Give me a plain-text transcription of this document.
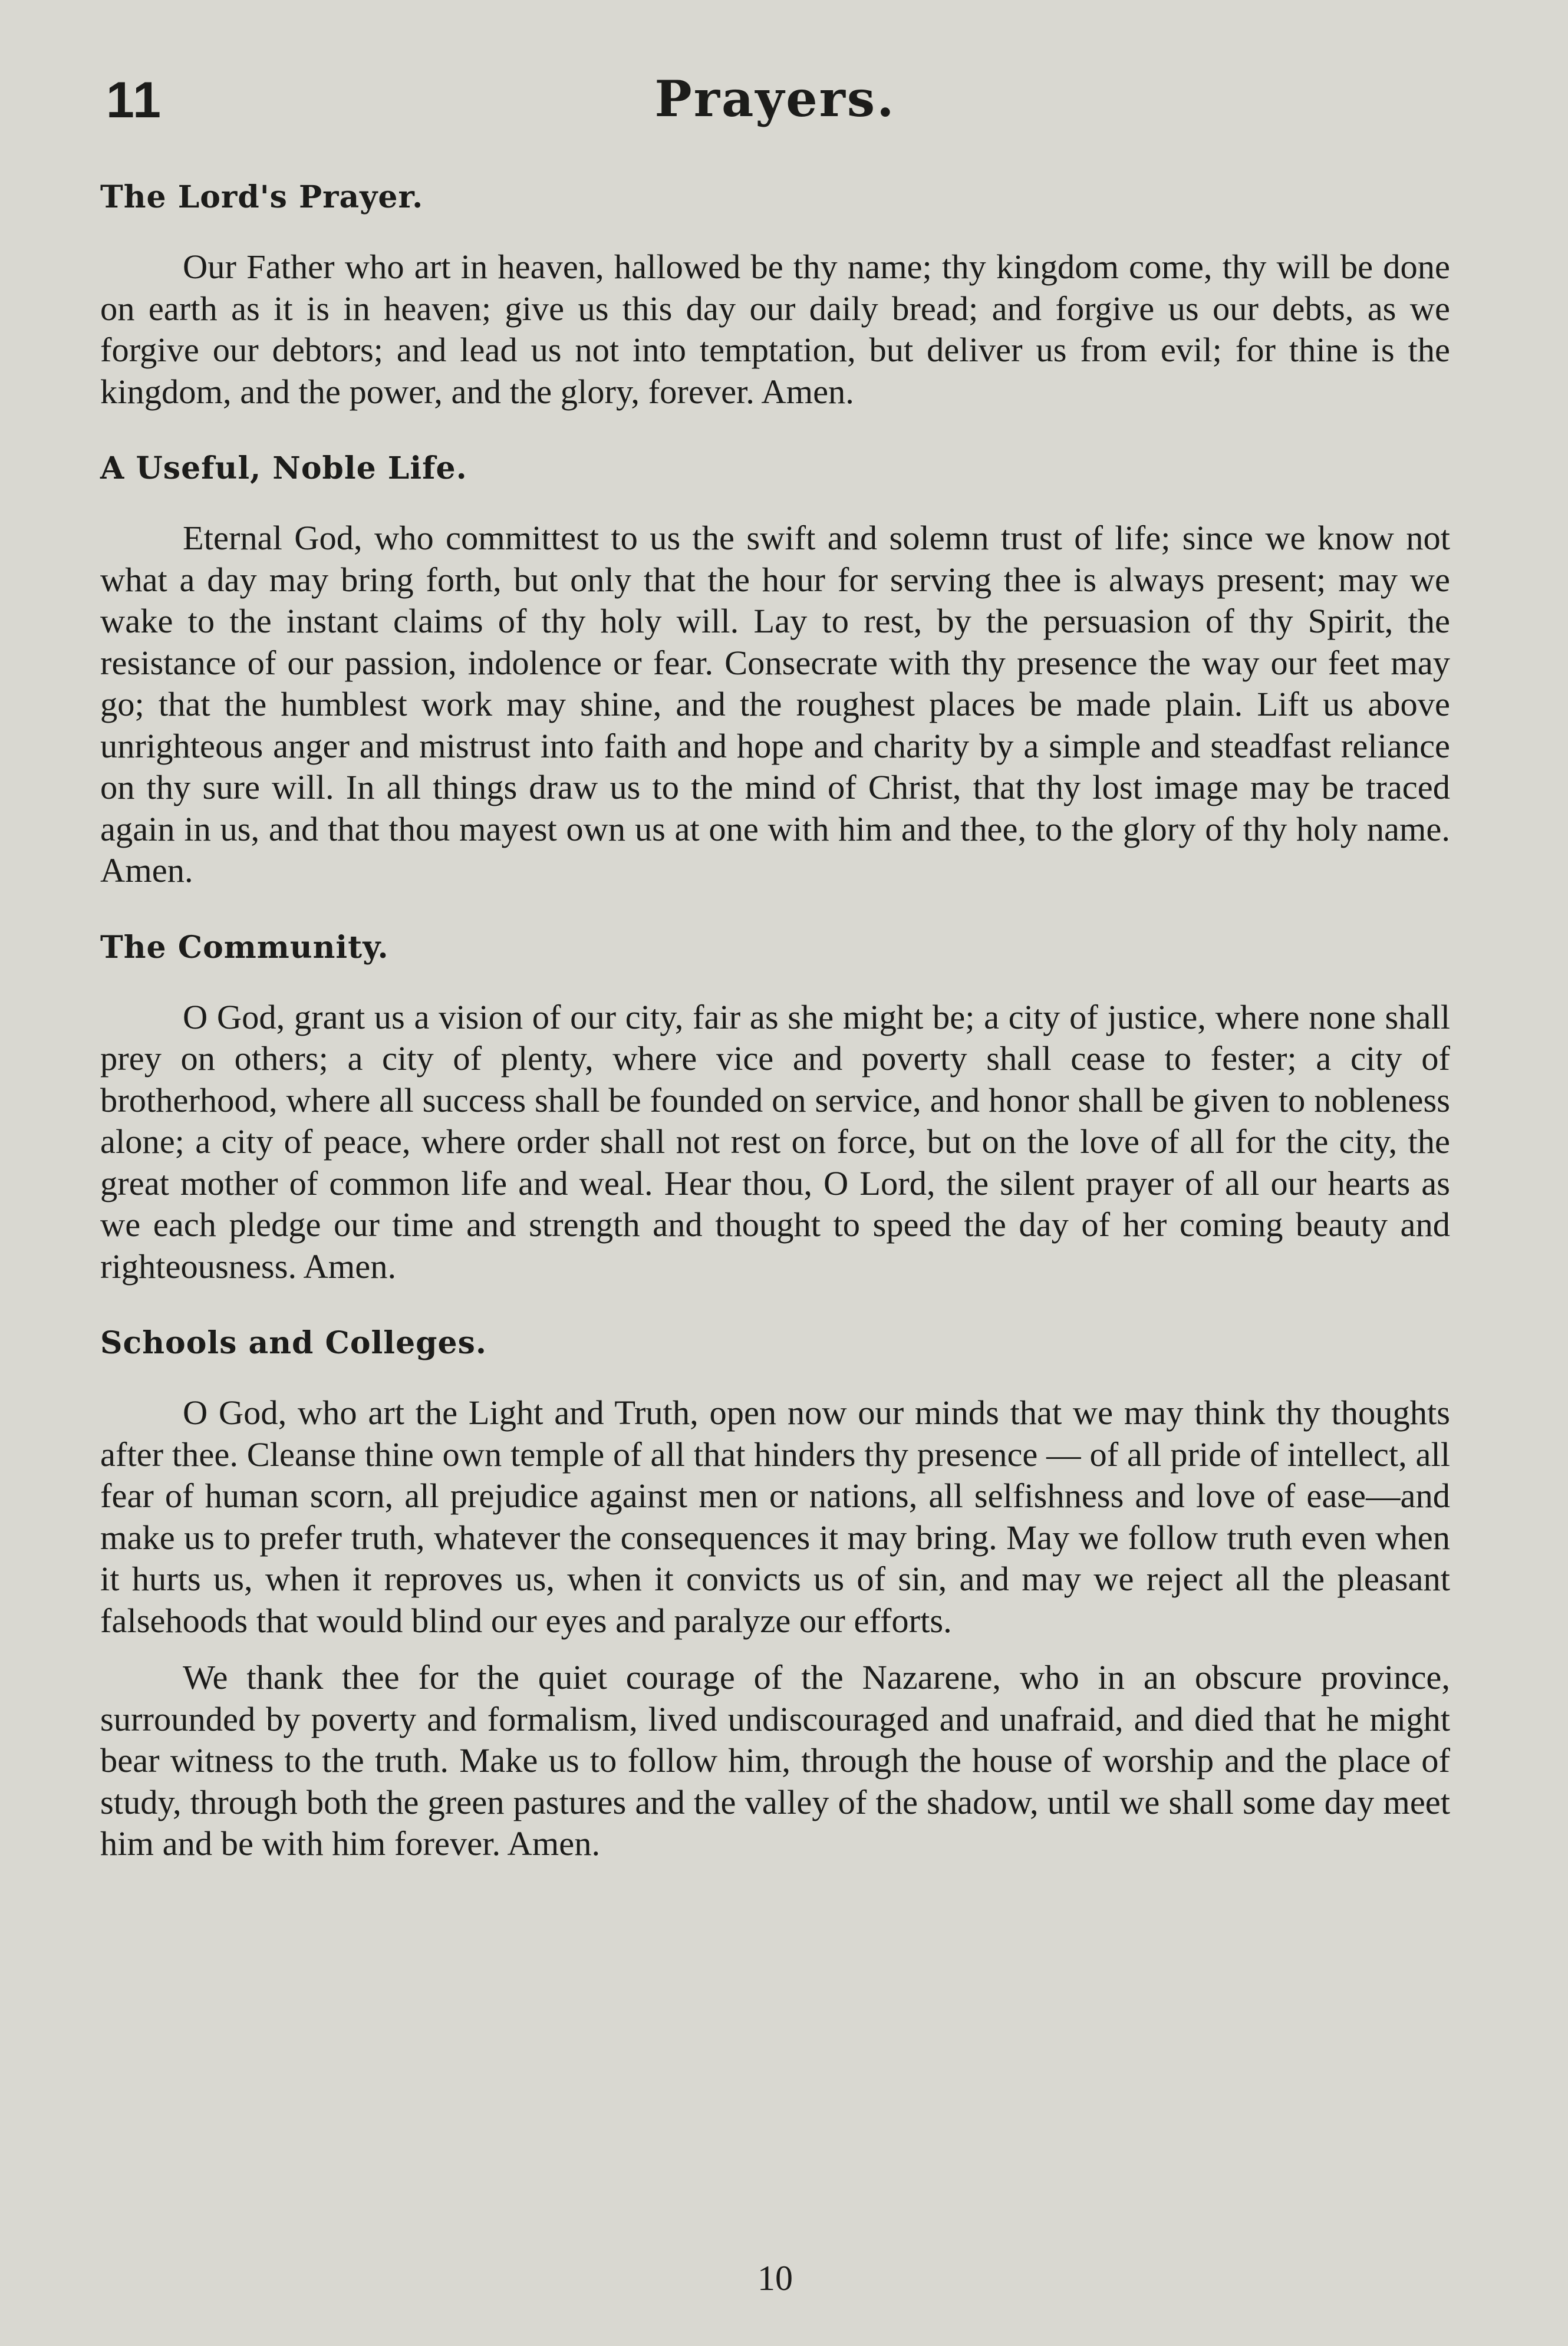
11	Prayers.
The Lord's Prayer.

Our Father who art in heaven, hallowed be thy name; thy kingdom come, thy will be done on earth as it is in heaven; give us this day our daily bread; and forgive us our debts, as we forgive our debtors; and lead us not into temptation, but deliver us from evil; for thine is the kingdom, and the power, and the glory, forever. Amen.

A Useful, Noble Life.

Eternal God, who committest to us the swift and solemn trust of life; since we know not what a day may bring forth, but only that the hour for serving thee is always present; may we wake to the instant claims of thy holy will. Lay to rest, by the persuasion of thy Spirit, the resistance of our passion, indolence or fear. Consecrate with thy presence the way our feet may go; that the humblest work may shine, and the roughest places be made plain. Lift us above unrighteous anger and mistrust into faith and hope and charity by a simple and steadfast reliance on thy sure will. In all things draw us to the mind of Christ, that thy lost image may be traced again in us, and that thou mayest own us at one with him and thee, to the glory of thy holy name. Amen.

The Community.

O God, grant us a vision of our city, fair as she might be; a city of justice, where none shall prey on others; a city of plenty, where vice and poverty shall cease to fester; a city of brotherhood, where all success shall be founded on service, and honor shall be given to nobleness alone; a city of peace, where order shall not rest on force, but on the love of all for the city, the great mother of common life and weal. Hear thou, O Lord, the silent prayer of all our hearts as we each pledge our time and strength and thought to speed the day of her coming beauty and righteousness. Amen.

Schools and Colleges.

O God, who art the Light and Truth, open now our minds that we may think thy thoughts after thee. Cleanse thine own temple of all that hinders thy presence — of all pride of intellect, all fear of human scorn, all prejudice against men or nations, all selfishness and love of ease—and make us to prefer truth, whatever the consequences it may bring. May we follow truth even when it hurts us, when it reproves us, when it convicts us of sin, and may we reject all the pleasant falsehoods that would blind our eyes and paralyze our efforts.

We thank thee for the quiet courage of the Nazarene, who in an obscure province, surrounded by poverty and formalism, lived undiscouraged and unafraid, and died that he might bear witness to the truth. Make us to follow him, through the house of worship and the place of study, through both the green pastures and the valley of the shadow, until we shall some day meet him and be with him forever. Amen.

10
